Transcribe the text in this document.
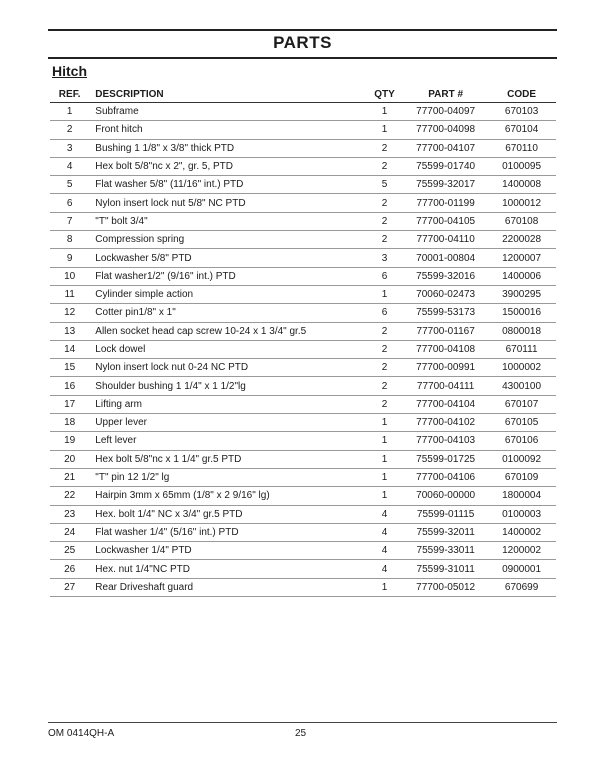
PARTS
Hitch
REF.	DESCRIPTION	QTY	PART #	CODE
1	Subframe	1	77700-04097	670103
2	Front hitch	1	77700-04098	670104
3	Bushing 1 1/8" x 3/8" thick PTD	2	77700-04107	670110
4	Hex bolt 5/8"nc x 2", gr. 5, PTD	2	75599-01740	0100095
5	Flat washer 5/8" (11/16" int.) PTD	5	75599-32017	1400008
6	Nylon insert lock nut 5/8" NC PTD	2	77700-01199	1000012
7	"T" bolt 3/4"	2	77700-04105	670108
8	Compression spring	2	77700-04110	2200028
9	Lockwasher 5/8" PTD	3	70001-00804	1200007
10	Flat washer1/2" (9/16" int.) PTD	6	75599-32016	1400006
11	Cylinder simple action	1	70060-02473	3900295
12	Cotter pin1/8" x 1"	6	75599-53173	1500016
13	Allen socket head cap screw 10-24 x 1 3/4" gr.5	2	77700-01167	0800018
14	Lock dowel	2	77700-04108	670111
15	Nylon insert lock nut 0-24 NC PTD	2	77700-00991	1000002
16	Shoulder bushing 1 1/4" x 1 1/2"lg	2	77700-04111	4300100
17	Lifting arm	2	77700-04104	670107
18	Upper lever	1	77700-04102	670105
19	Left lever	1	77700-04103	670106
20	Hex bolt 5/8"nc x 1 1/4" gr.5 PTD	1	75599-01725	0100092
21	"T" pin 12 1/2" lg	1	77700-04106	670109
22	Hairpin 3mm x 65mm (1/8" x 2 9/16" lg)	1	70060-00000	1800004
23	Hex. bolt 1/4" NC x 3/4" gr.5 PTD	4	75599-01115	0100003
24	Flat washer 1/4" (5/16" int.) PTD	4	75599-32011	1400002
25	Lockwasher 1/4" PTD	4	75599-33011	1200002
26	Hex. nut 1/4"NC PTD	4	75599-31011	0900001
27	Rear Driveshaft guard	1	77700-05012	670699
OM 0414QH-A	25
